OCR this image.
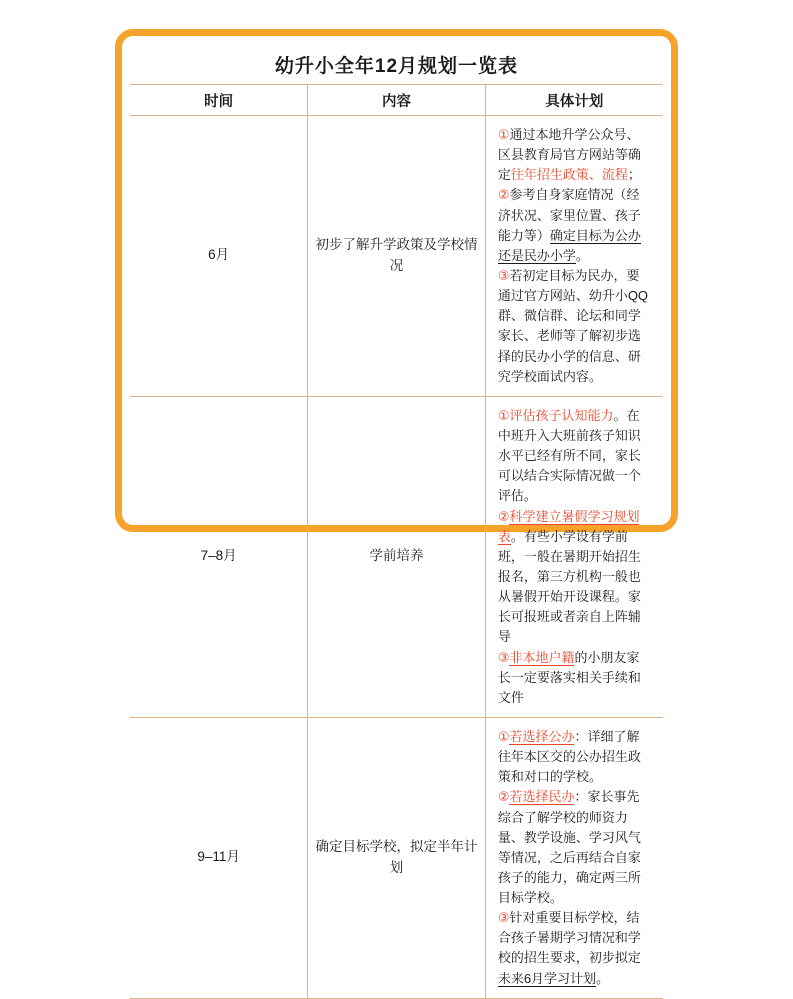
幼升小全年12月规划一览表		
时间	内容	具体计划
6月	初步了解升学政策及学校情况	①通过本地升学公众号、区县教育局官方网站等确定往年招生政策、流程；

②参考自身家庭情况（经济状况、家里位置、孩子能力等）确定目标为公办还是民办小学。

③若初定目标为民办，要通过官方网站、幼升小QQ群、微信群、论坛和同学家长、老师等了解初步选择的民办小学的信息、研究学校面试内容。

7–8月	学前培养	①评估孩子认知能力。在中班升入大班前孩子知识水平已经有所不同，家长可以结合实际情况做一个评估。

②科学建立暑假学习规划表。有些小学设有学前班，一般在暑期开始招生报名，第三方机构一般也从暑假开始开设课程。家长可报班或者亲自上阵辅导

③非本地户籍的小朋友家长一定要落实相关手续和文件

9–11月	确定目标学校，拟定半年计划	①若选择公办：详细了解往年本区交的公办招生政策和对口的学校。

②若选择民办：家长事先综合了解学校的师资力量、教学设施、学习风气等情况，之后再结合自家孩子的能力，确定两三所目标学校。

③针对重要目标学校，结合孩子暑期学习情况和学校的招生要求，初步拟定未来6月学习计划。
